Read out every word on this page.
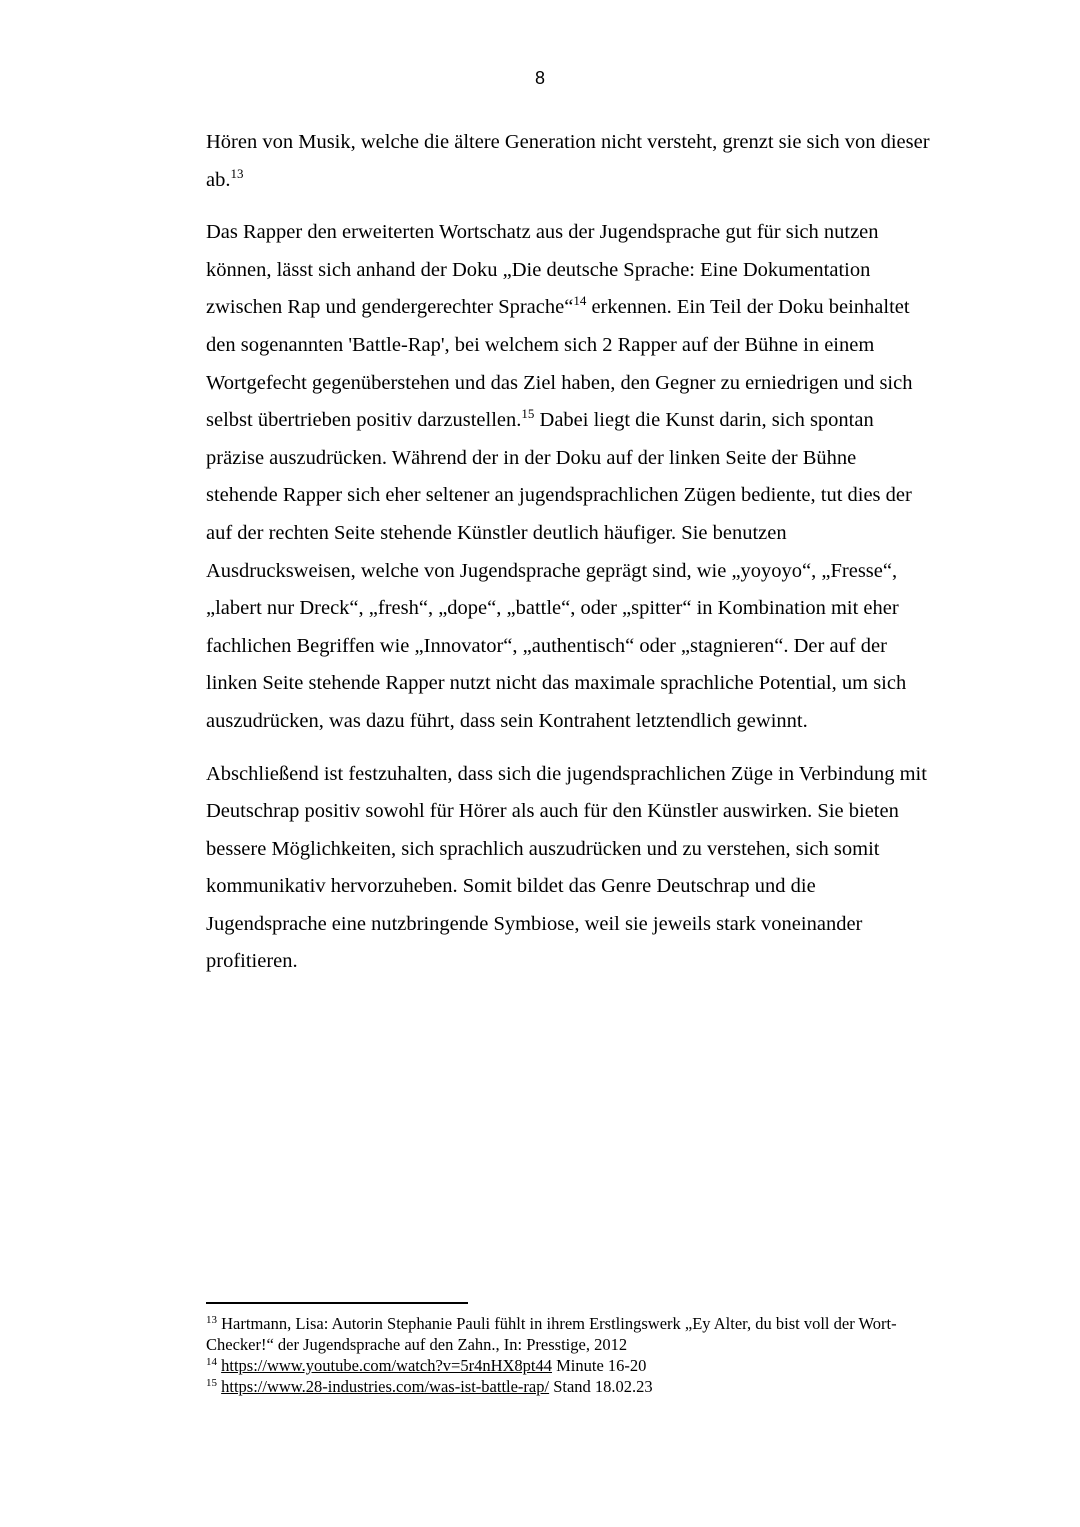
8

Hören von Musik, welche die ältere Generation nicht versteht, grenzt sie sich von dieser
ab.$^{13}$

Das Rapper den erweiterten Wortschatz aus der Jugendsprache gut für sich nutzen
können, lässt sich anhand der Doku „Die deutsche Sprache: Eine Dokumentation
zwischen Rap und gendergerechter Sprache“$^{14}$ erkennen. Ein Teil der Doku beinhaltet
den sogenannten 'Battle-Rap', bei welchem sich 2 Rapper auf der Bühne in einem
Wortgefecht gegenüberstehen und das Ziel haben, den Gegner zu erniedrigen und sich
selbst übertrieben positiv darzustellen.$^{15}$ Dabei liegt die Kunst darin, sich spontan
präzise auszudrücken. Während der in der Doku auf der linken Seite der Bühne
stehende Rapper sich eher seltener an jugendsprachlichen Zügen bediente, tut dies der
auf der rechten Seite stehende Künstler deutlich häufiger. Sie benutzen
Ausdrucksweisen, welche von Jugendsprache geprägt sind, wie „yoyoyo“, „Fresse“,
„labert nur Dreck“, „fresh“, „dope“, „battle“, oder „spitter“ in Kombination mit eher
fachlichen Begriffen wie „Innovator“, „authentisch“ oder „stagnieren“. Der auf der
linken Seite stehende Rapper nutzt nicht das maximale sprachliche Potential, um sich
auszudrücken, was dazu führt, dass sein Kontrahent letztendlich gewinnt.

Abschließend ist festzuhalten, dass sich die jugendsprachlichen Züge in Verbindung mit
Deutschrap positiv sowohl für Hörer als auch für den Künstler auswirken. Sie bieten
bessere Möglichkeiten, sich sprachlich auszudrücken und zu verstehen, sich somit
kommunikativ hervorzuheben. Somit bildet das Genre Deutschrap und die
Jugendsprache eine nutzbringende Symbiose, weil sie jeweils stark voneinander
profitieren.

$^{13}$ Hartmann, Lisa: Autorin Stephanie Pauli fühlt in ihrem Erstlingswerk „Ey Alter, du bist voll der Wort-
Checker!“ der Jugendsprache auf den Zahn., In: Presstige, 2012

$^{14}$ https://www.youtube.com/watch?v=5r4nHX8pt44 Minute 16-20

$^{15}$ https://www.28-industries.com/was-ist-battle-rap/ Stand 18.02.23
